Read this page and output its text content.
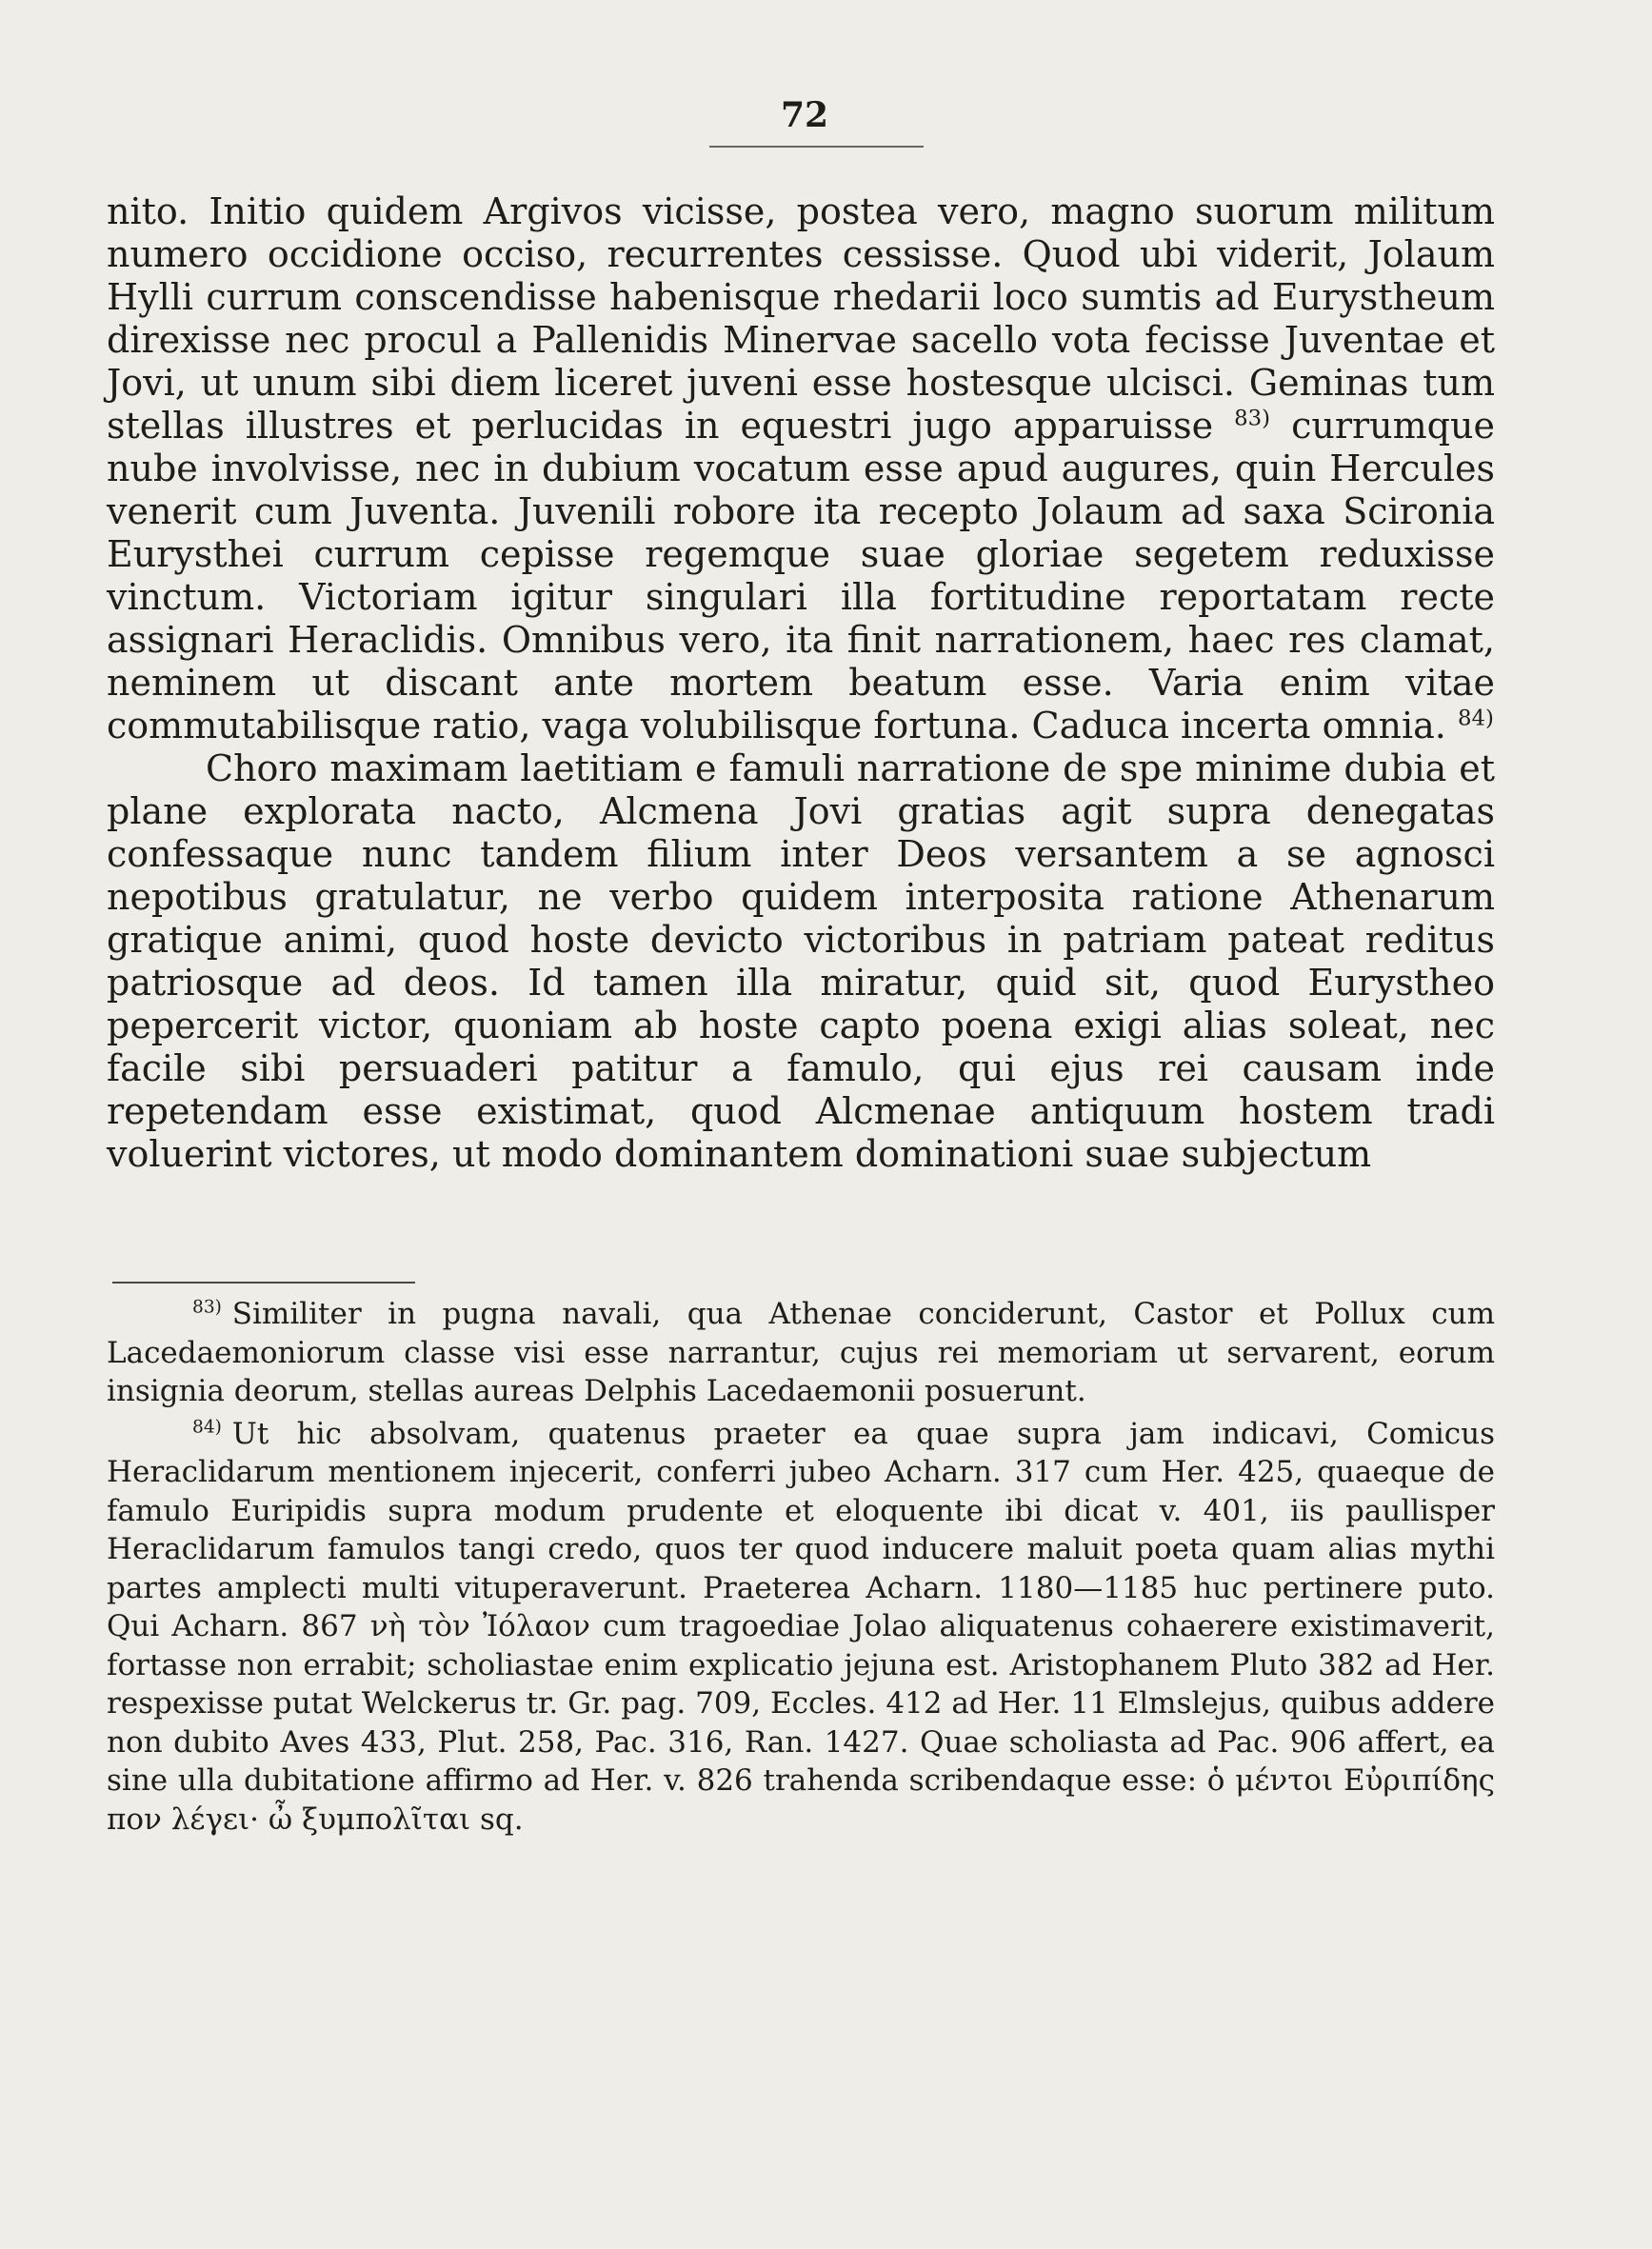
72

nito. Initio quidem Argivos vicisse, postea vero, magno suorum militum numero occidione occiso, recurrentes cessisse. Quod ubi viderit, Jolaum Hylli currum conscendisse habenisque rhedarii loco sumtis ad Eurystheum direxisse nec procul a Pallenidis Minervae sacello vota fecisse Juventae et Jovi, ut unum sibi diem liceret juveni esse hostesque ulcisci. Geminas tum stellas illustres et perlucidas in equestri jugo apparuisse $^{83)}$ currumque nube involvisse, nec in dubium vocatum esse apud augures, quin Hercules venerit cum Juventa. Juvenili robore ita recepto Jolaum ad saxa Scironia Eurysthei currum cepisse regemque suae gloriae segetem reduxisse vinctum. Victoriam igitur singulari illa fortitudine reportatam recte assignari Heraclidis. Omnibus vero, ita finit narrationem, haec res clamat, neminem ut discant ante mortem beatum esse. Varia enim vitae commutabilisque ratio, vaga volubilisque fortuna. Caduca incerta omnia. $^{84)}$

Choro maximam laetitiam e famuli narratione de spe minime dubia et plane explorata nacto, Alcmena Jovi gratias agit supra denegatas confessaque nunc tandem filium inter Deos versantem a se agnosci nepotibus gratulatur, ne verbo quidem interposita ratione Athenarum gratique animi, quod hoste devicto victoribus in patriam pateat reditus patriosque ad deos. Id tamen illa miratur, quid sit, quod Eurystheo pepercerit victor, quoniam ab hoste capto poena exigi alias soleat, nec facile sibi persuaderi patitur a famulo, qui ejus rei causam inde repetendam esse existimat, quod Alcmenae antiquum hostem tradi voluerint victores, ut modo dominantem dominationi suae subjectum

$^{83)}$ Similiter in pugna navali, qua Athenae conciderunt, Castor et Pollux cum Lacedaemoniorum classe visi esse narrantur, cujus rei memoriam ut servarent, eorum insignia deorum, stellas aureas Delphis Lacedaemonii posuerunt.

$^{84)}$ Ut hic absolvam, quatenus praeter ea quae supra jam indicavi, Comicus Heraclidarum mentionem injecerit, conferri jubeo Acharn. 317 cum Her. 425, quaeque de famulo Euripidis supra modum prudente et eloquente ibi dicat v. 401, iis paullisper Heraclidarum famulos tangi credo, quos ter quod inducere maluit poeta quam alias mythi partes amplecti multi vituperaverunt. Praeterea Acharn. 1180—1185 huc pertinere puto. Qui Acharn. 867 νὴ τὸν Ἰόλαον cum tragoediae Jolao aliquatenus cohaerere existimaverit, fortasse non errabit; scholiastae enim explicatio jejuna est. Aristophanem Pluto 382 ad Her. respexisse putat Welckerus tr. Gr. pag. 709, Eccles. 412 ad Her. 11 Elmslejus, quibus addere non dubito Aves 433, Plut. 258, Pac. 316, Ran. 1427. Quae scholiasta ad Pac. 906 affert, ea sine ulla dubitatione affirmo ad Her. v. 826 trahenda scribendaque esse: ὁ μέντοι Εὐριπίδης πον λέγει· ὦ ξυμπολῖται sq.
